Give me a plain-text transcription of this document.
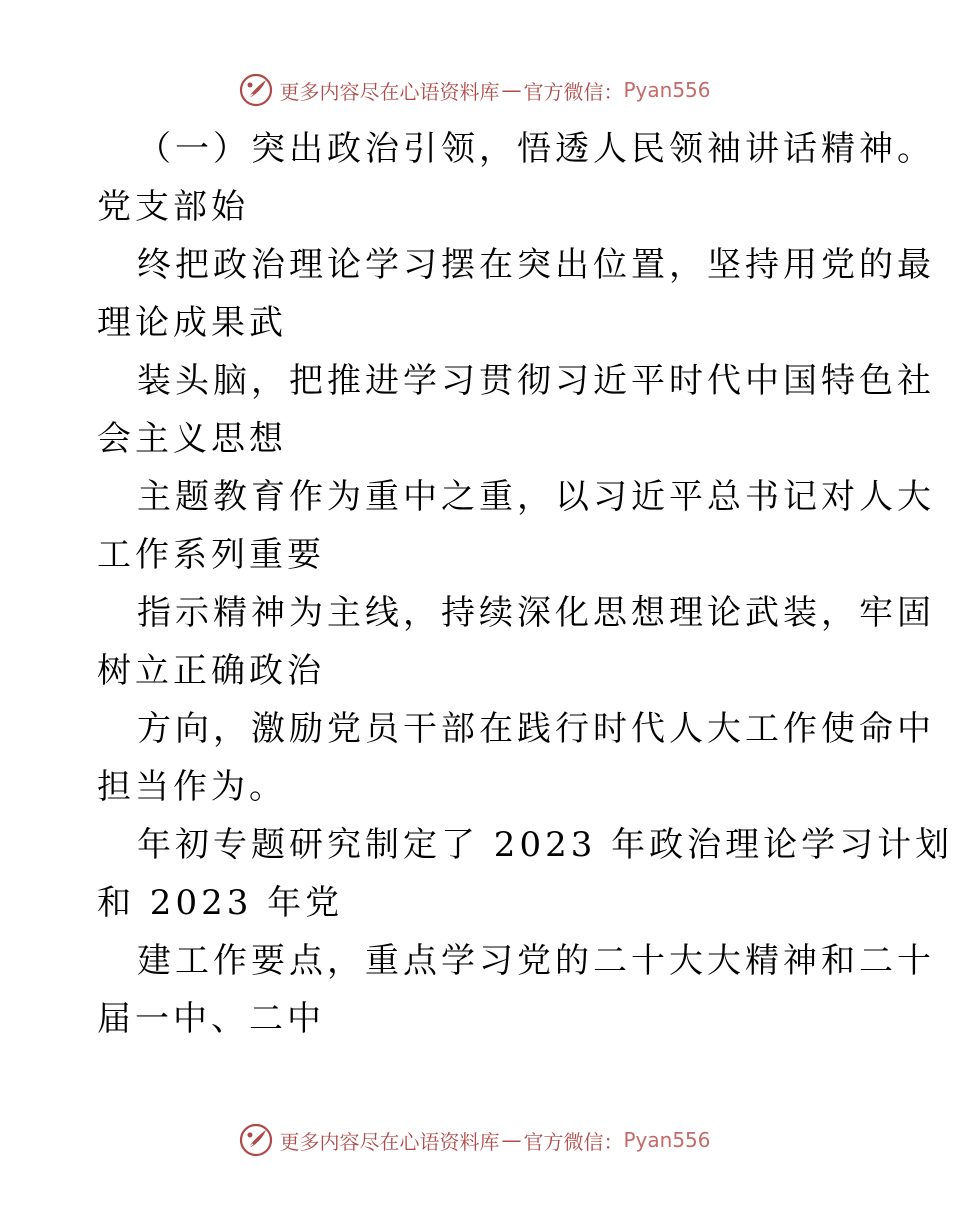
更多内容尽在心语资料库 — 官方微信： Pyan556
（一）突出政治引领，悟透人民领袖讲话精神。
党支部始
终把政治理论学习摆在突出位置，坚持用党的最
理论成果武
装头脑，把推进学习贯彻习近平时代中国特色社
会主义思想
主题教育作为重中之重，以习近平总书记对人大
工作系列重要
指示精神为主线，持续深化思想理论武装，牢固
树立正确政治
方向，激励党员干部在践行时代人大工作使命中
担当作为。
年初专题研究制定了 2023 年政治理论学习计划
和 2023 年党
建工作要点，重点学习党的二十大大精神和二十
届一中、二中
更多内容尽在心语资料库 — 官方微信： Pyan556
